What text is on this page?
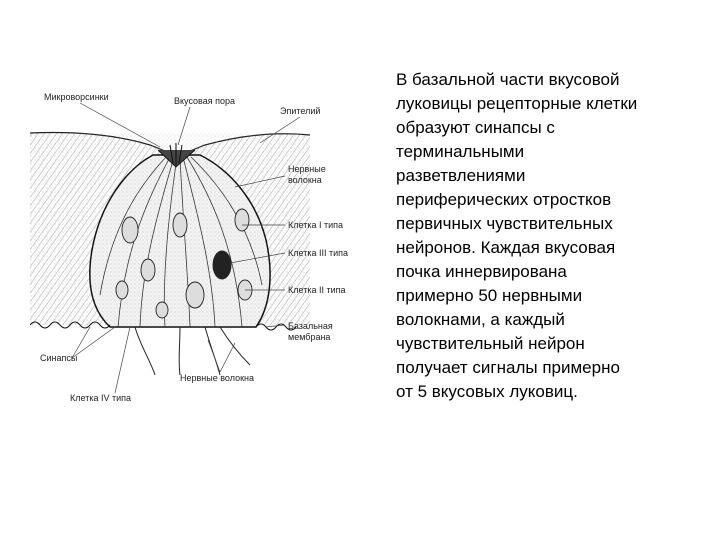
Микроворсинки	Вкусовая пора
Эпителий
Нервные
волокна
Клетка I типа
Клетка III типа
Клетка II типа
Базальная
мембрана
Синапсы
Нервные волокна
Клетка IV типа
В базальной части вкусовой
луковицы рецепторные клетки
образуют синапсы с
терминальными
разветвлениями
периферических отростков
первичных чувствительных
нейронов. Каждая вкусовая
почка иннервирована
примерно 50 нервными
волокнами, а каждый
чувствительный нейрон
получает сигналы примерно
от 5 вкусовых луковиц.
